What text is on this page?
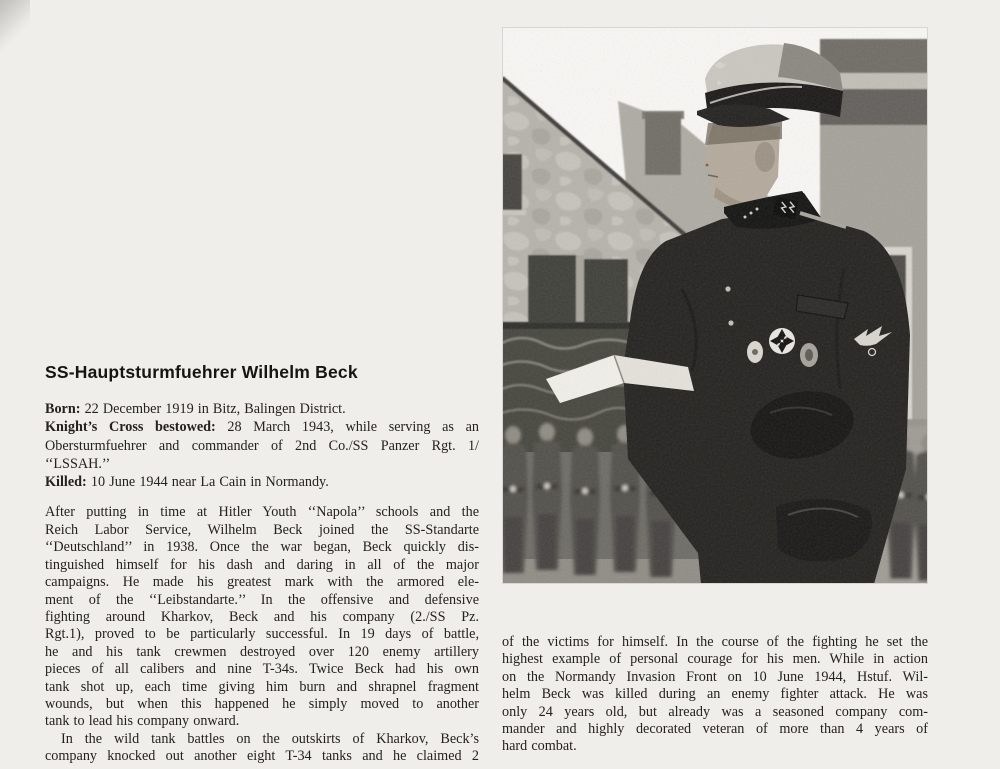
SS-Hauptsturmfuehrer Wilhelm Beck
Born: 22 December 1919 in Bitz, Balingen District.
Knight’s Cross bestowed: 28 March 1943, while serving as an
Obersturmfuehrer and commander of 2nd Co./SS Panzer Rgt. 1/
‘‘LSSAH.’’
Killed: 10 June 1944 near La Cain in Normandy.
After putting in time at Hitler Youth ‘‘Napola’’ schools and the
Reich Labor Service, Wilhelm Beck joined the SS-Standarte
‘‘Deutschland’’ in 1938. Once the war began, Beck quickly dis-
tinguished himself for his dash and daring in all of the major
campaigns. He made his greatest mark with the armored ele-
ment of the ‘‘Leibstandarte.’’ In the offensive and defensive
fighting around Kharkov, Beck and his company (2./SS Pz.
Rgt.1), proved to be particularly successful. In 19 days of battle,
he and his tank crewmen destroyed over 120 enemy artillery
pieces of all calibers and nine T-34s. Twice Beck had his own
tank shot up, each time giving him burn and shrapnel fragment
wounds, but when this happened he simply moved to another
tank to lead his company onward.
In the wild tank battles on the outskirts of Kharkov, Beck’s
company knocked out another eight T-34 tanks and he claimed 2
of the victims for himself. In the course of the fighting he set the
highest example of personal courage for his men. While in action
on the Normandy Invasion Front on 10 June 1944, Hstuf. Wil-
helm Beck was killed during an enemy fighter attack. He was
only 24 years old, but already was a seasoned company com-
mander and highly decorated veteran of more than 4 years of
hard combat.
